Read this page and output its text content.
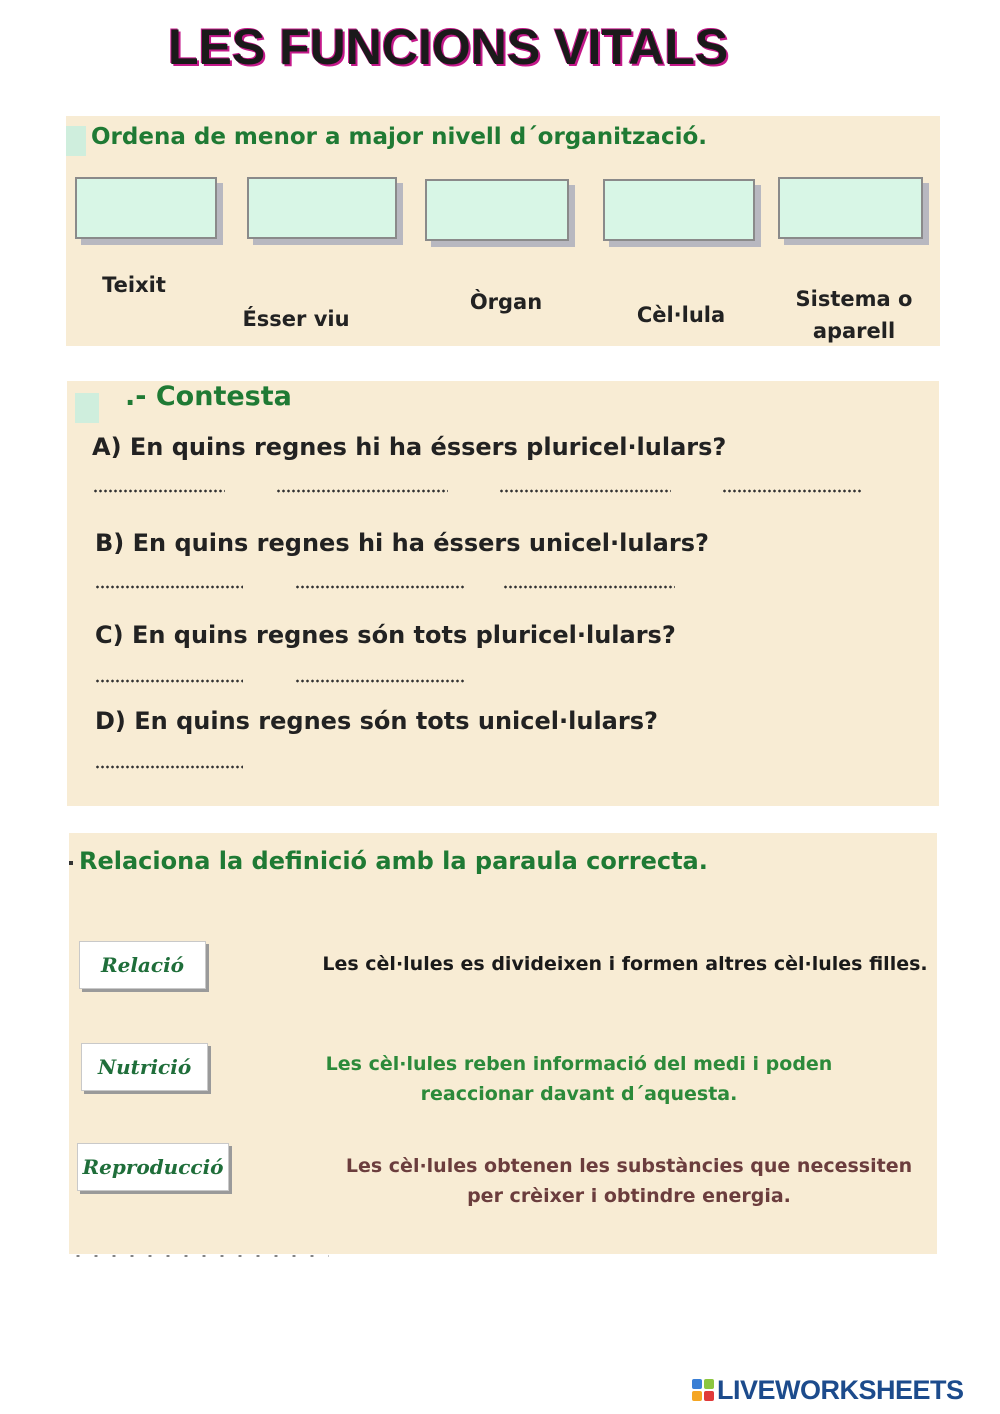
LES FUNCIONS VITALS
Ordena de menor a major nivell d´organització.
Teixit
Ésser viu
Òrgan
Cèl·lula
Sistema o aparell
.- Contesta
A) En quins regnes hi ha éssers pluricel·lulars?
B) En quins regnes hi ha éssers unicel·lulars?
C) En quins regnes són tots pluricel·lulars?
D) En quins regnes són tots unicel·lulars?
Relaciona la definició amb la paraula correcta.
Relació
Nutrició
Reproducció
Les cèl·lules es divideixen i formen altres cèl·lules filles.
Les cèl·lules reben informació del medi i poden reaccionar davant d´aquesta.
Les cèl·lules obtenen les substàncies que necessiten per crèixer i obtindre energia.
LIVEWORKSHEETS
